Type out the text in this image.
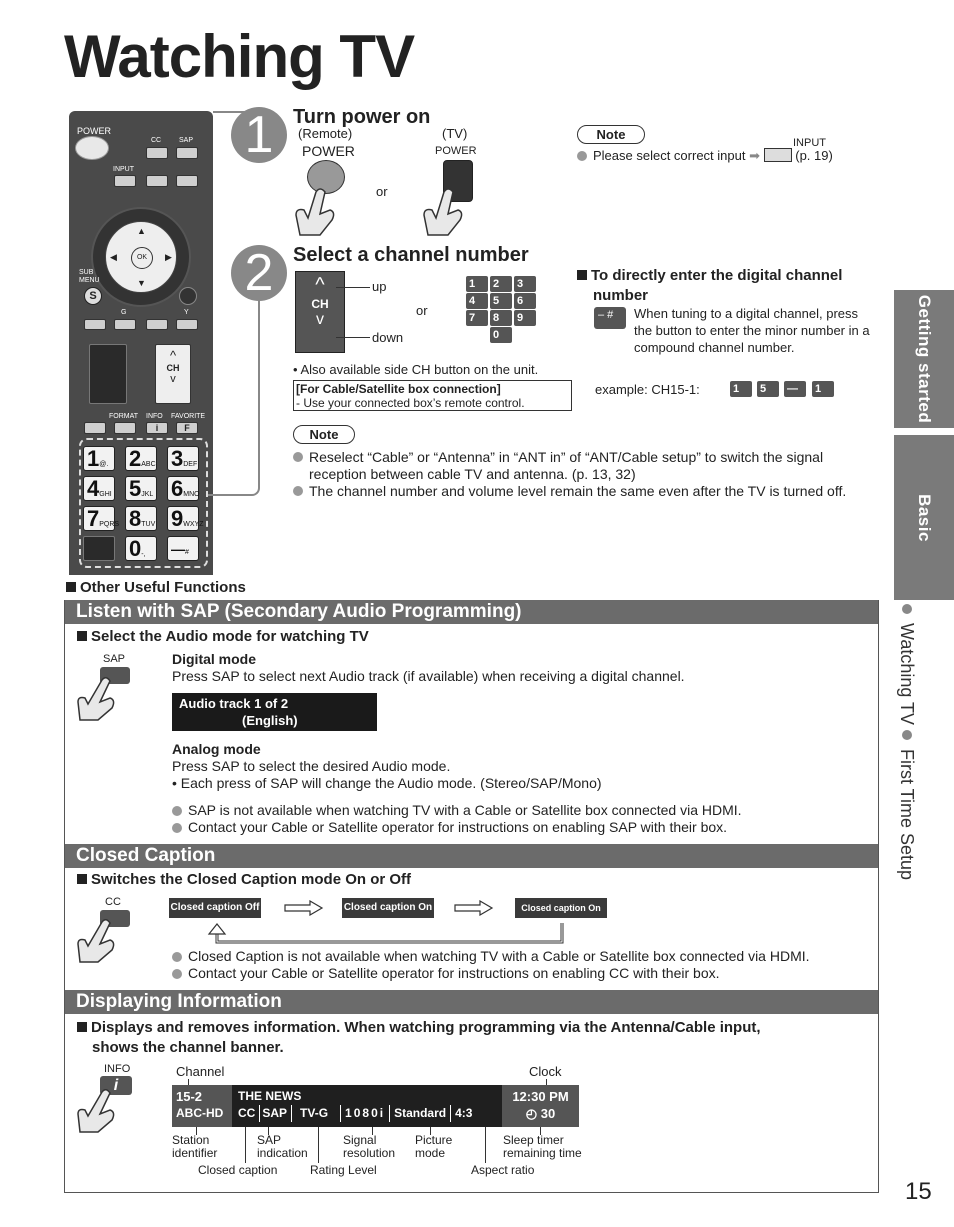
Watching TV
Getting started
Basic
Watching TV  First Time Setup
POWER
CC	SAP
INPUT
▲
▼
◀	▶
OK
SUB MENU
S
G	Y
^
CH
v
FORMAT INFO FAVORITE
i	F
1@. 2ABC 3DEF
4GHI 5JKL 6MNO
7PQRS 8TUV 9WXYZ
0-,	—#
1 Turn power on
(Remote)	(TV)
POWER	POWER
or
Note
INPUT
Please select correct input ➡	(p. 19)
2 Select a channel number
^
CH
v
up
down
or
1	2	3
4	5	6
7	8	9
0
• Also available side CH button on the unit.
[For Cable/Satellite box connection]
- Use your connected box’s remote control.
To directly enter the digital channel
number
– #	When tuning to a digital channel, press the button to enter the minor number in a compound channel number.
example: CH15-1:	1	5	—	1
Note
Reselect “Cable” or “Antenna” in “ANT in” of “ANT/Cable setup” to switch the signal reception between cable TV and antenna. (p. 13, 32)
The channel number and volume level remain the same even after the TV is turned off.
Other Useful Functions
Listen with SAP (Secondary Audio Programming)
Select the Audio mode for watching TV
SAP	Digital mode
Press SAP to select next Audio track (if available) when receiving a digital channel.
Audio track 1 of 2
(English)
Analog mode
Press SAP to select the desired Audio mode.
• Each press of SAP will change the Audio mode. (Stereo/SAP/Mono)
SAP is not available when watching TV with a Cable or Satellite box connected via HDMI.
Contact your Cable or Satellite operator for instructions on enabling SAP with their box.
Closed Caption
Switches the Closed Caption mode On or Off
CC	Closed caption Off	Closed caption On	Closed caption On mute
Closed Caption is not available when watching TV with a Cable or Satellite box connected via HDMI.
Contact your Cable or Satellite operator for instructions on enabling CC with their box.
Displaying Information
Displays and removes information. When watching programming via the Antenna/Cable input,
shows the channel banner.
INFO
i
Channel	Clock
15-2
ABC-HD
THE NEWS
CC SAP	TV-G	1080i Standard 4:3
12:30 PM
◴ 30
Station identifier
SAP indication
Signal resolution
Picture mode
Sleep timer remaining time
Closed caption	Rating Level	Aspect ratio
15
